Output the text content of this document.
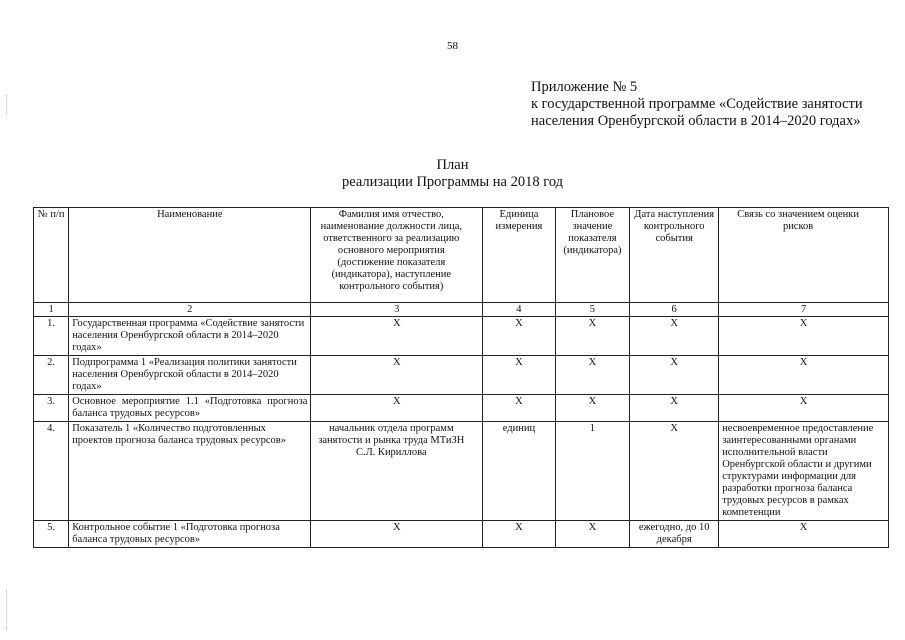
58
Приложение № 5
к государственной программе «Содействие занятости
населения Оренбургской области в 2014–2020 годах»
План
реализации Программы на 2018 год
№ п/п	Наименование	Фамилия имя отчество, наименование должности лица, ответственного за реализацию основного мероприятия (достижение показателя (индикатора), наступление контрольного события)	Единица измерения	Плановое значение показателя (индикатора)	Дата наступления контрольного события	Связь со значением оценки рисков
1	2	3	4	5	6	7
1.	Государственная программа «Содействие занятости населения Оренбургской области в 2014–2020 годах»	X	X	X	X	X
2.	Подпрограмма 1 «Реализация политики занятости населения Оренбургской области в 2014–2020 годах»	X	X	X	X	X
3.	Основное мероприятие 1.1 «Подготовка прогноза баланса трудовых ресурсов»	X	X	X	X	X
4.	Показатель 1 «Количество подготовленных проектов прогноза баланса трудовых ресурсов»	начальник отдела программ занятости и рынка труда МТиЗН С.Л. Кириллова	единиц	1	X	несвоевременное предоставление заинтересованными органами исполнительной власти Оренбургской области и другими структурами информации для разработки прогноза баланса трудовых ресурсов в рамках компетенции
5.	Контрольное событие 1 «Подготовка прогноза баланса трудовых ресурсов»	X	X	X	ежегодно, до 10 декабря	X
